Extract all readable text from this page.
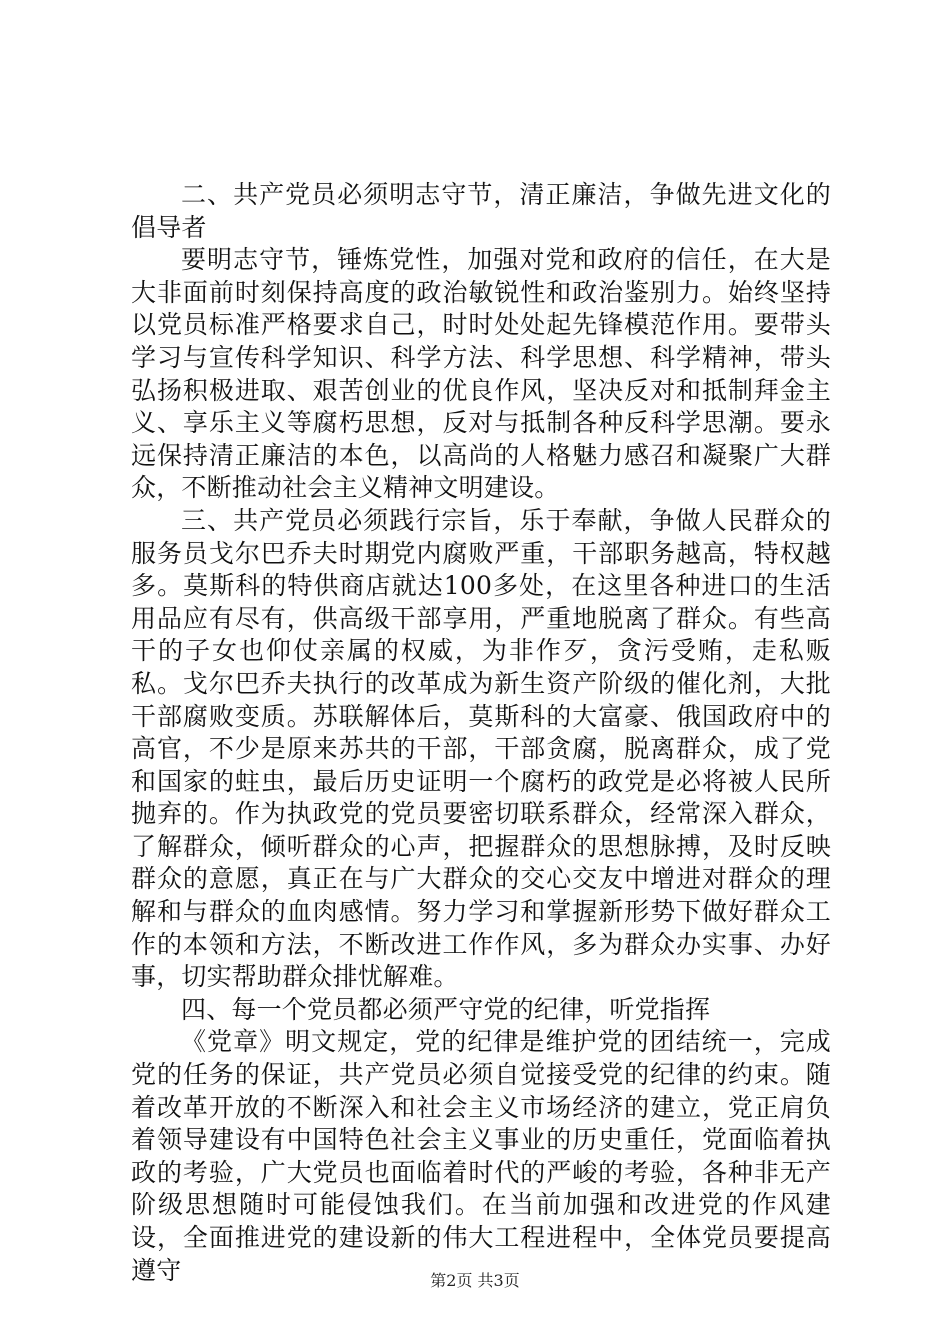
二、共产党员必须明志守节，清正廉洁，争做先进文化的倡导者

要明志守节，锤炼党性，加强对党和政府的信任，在大是大非面前时刻保持高度的政治敏锐性和政治鉴别力。始终坚持以党员标准严格要求自己，时时处处起先锋模范作用。要带头学习与宣传科学知识、科学方法、科学思想、科学精神，带头弘扬积极进取、艰苦创业的优良作风，坚决反对和抵制拜金主义、享乐主义等腐朽思想，反对与抵制各种反科学思潮。要永远保持清正廉洁的本色，以高尚的人格魅力感召和凝聚广大群众，不断推动社会主义精神文明建设。

三、共产党员必须践行宗旨，乐于奉献，争做人民群众的服务员戈尔巴乔夫时期党内腐败严重，干部职务越高，特权越多。莫斯科的特供商店就达100多处，在这里各种进口的生活用品应有尽有，供高级干部享用，严重地脱离了群众。有些高干的子女也仰仗亲属的权威，为非作歹，贪污受贿，走私贩私。戈尔巴乔夫执行的改革成为新生资产阶级的催化剂，大批干部腐败变质。苏联解体后，莫斯科的大富豪、俄国政府中的高官，不少是原来苏共的干部，干部贪腐，脱离群众，成了党和国家的蛀虫，最后历史证明一个腐朽的政党是必将被人民所抛弃的。作为执政党的党员要密切联系群众，经常深入群众，了解群众，倾听群众的心声，把握群众的思想脉搏，及时反映群众的意愿，真正在与广大群众的交心交友中增进对群众的理解和与群众的血肉感情。努力学习和掌握新形势下做好群众工作的本领和方法，不断改进工作作风，多为群众办实事、办好事，切实帮助群众排忧解难。

四、每一个党员都必须严守党的纪律，听党指挥

《党章》明文规定，党的纪律是维护党的团结统一，完成党的任务的保证，共产党员必须自觉接受党的纪律的约束。随着改革开放的不断深入和社会主义市场经济的建立，党正肩负着领导建设有中国特色社会主义事业的历史重任，党面临着执政的考验，广大党员也面临着时代的严峻的考验，各种非无产阶级思想随时可能侵蚀我们。在当前加强和改进党的作风建设，全面推进党的建设新的伟大工程进程中，全体党员要提高遵守	第2页 共3页
